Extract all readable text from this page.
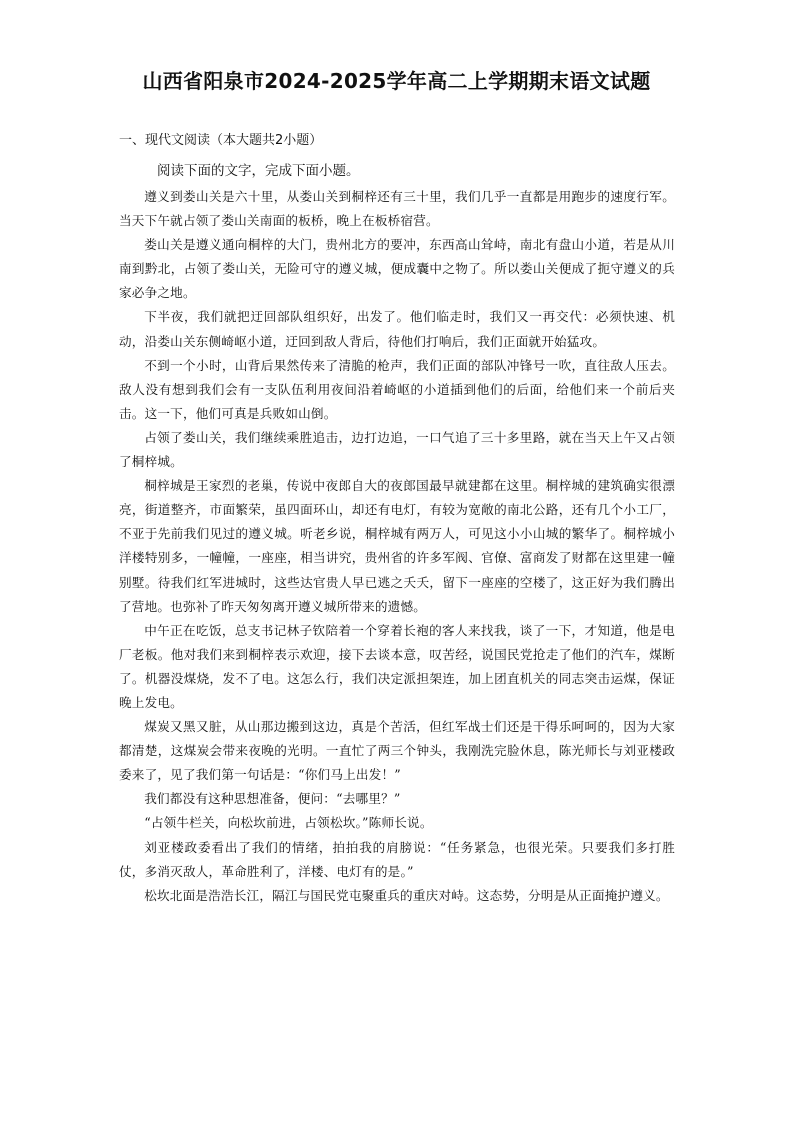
山西省阳泉市2024-2025学年高二上学期期末语文试题
一、现代文阅读（本大题共2小题）
阅读下面的文字，完成下面小题。

遵义到娄山关是六十里，从娄山关到桐梓还有三十里，我们几乎一直都是用跑步的速度行军。当天下午就占领了娄山关南面的板桥，晚上在板桥宿营。

娄山关是遵义通向桐梓的大门，贵州北方的要冲，东西高山耸峙，南北有盘山小道，若是从川南到黔北，占领了娄山关，无险可守的遵义城，便成囊中之物了。所以娄山关便成了扼守遵义的兵家必争之地。

下半夜，我们就把迂回部队组织好，出发了。他们临走时，我们又一再交代：必须快速、机动，沿娄山关东侧崎岖小道，迂回到敌人背后，待他们打响后，我们正面就开始猛攻。

不到一个小时，山背后果然传来了清脆的枪声，我们正面的部队冲锋号一吹，直往敌人压去。敌人没有想到我们会有一支队伍利用夜间沿着崎岖的小道插到他们的后面，给他们来一个前后夹击。这一下，他们可真是兵败如山倒。

占领了娄山关，我们继续乘胜追击，边打边追，一口气追了三十多里路，就在当天上午又占领了桐梓城。

桐梓城是王家烈的老巢，传说中夜郎自大的夜郎国最早就建都在这里。桐梓城的建筑确实很漂亮，街道整齐，市面繁荣，虽四面环山，却还有电灯，有较为宽敞的南北公路，还有几个小工厂，不亚于先前我们见过的遵义城。听老乡说，桐梓城有两万人，可见这小小山城的繁华了。桐梓城小洋楼特别多，一幢幢，一座座，相当讲究，贵州省的许多军阀、官僚、富商发了财都在这里建一幢别墅。待我们红军进城时，这些达官贵人早已逃之夭夭，留下一座座的空楼了，这正好为我们腾出了营地。也弥补了昨天匆匆离开遵义城所带来的遗憾。

中午正在吃饭，总支书记林子钦陪着一个穿着长袍的客人来找我，谈了一下，才知道，他是电厂老板。他对我们来到桐梓表示欢迎，接下去谈本意，叹苦经，说国民党抢走了他们的汽车，煤断了。机器没煤烧，发不了电。这怎么行，我们决定派担架连，加上团直机关的同志突击运煤，保证晚上发电。

煤炭又黑又脏，从山那边搬到这边，真是个苦活，但红军战士们还是干得乐呵呵的，因为大家都清楚，这煤炭会带来夜晚的光明。一直忙了两三个钟头，我刚洗完脸休息，陈光师长与刘亚楼政委来了，见了我们第一句话是：“你们马上出发！”

我们都没有这种思想准备，便问：“去哪里？”

“占领牛栏关，向松坎前进，占领松坎。”陈师长说。

刘亚楼政委看出了我们的情绪，拍拍我的肩膀说：“任务紧急，也很光荣。只要我们多打胜仗，多消灭敌人，革命胜利了，洋楼、电灯有的是。”

松坎北面是浩浩长江，隔江与国民党屯聚重兵的重庆对峙。这态势，分明是从正面掩护遵义。
